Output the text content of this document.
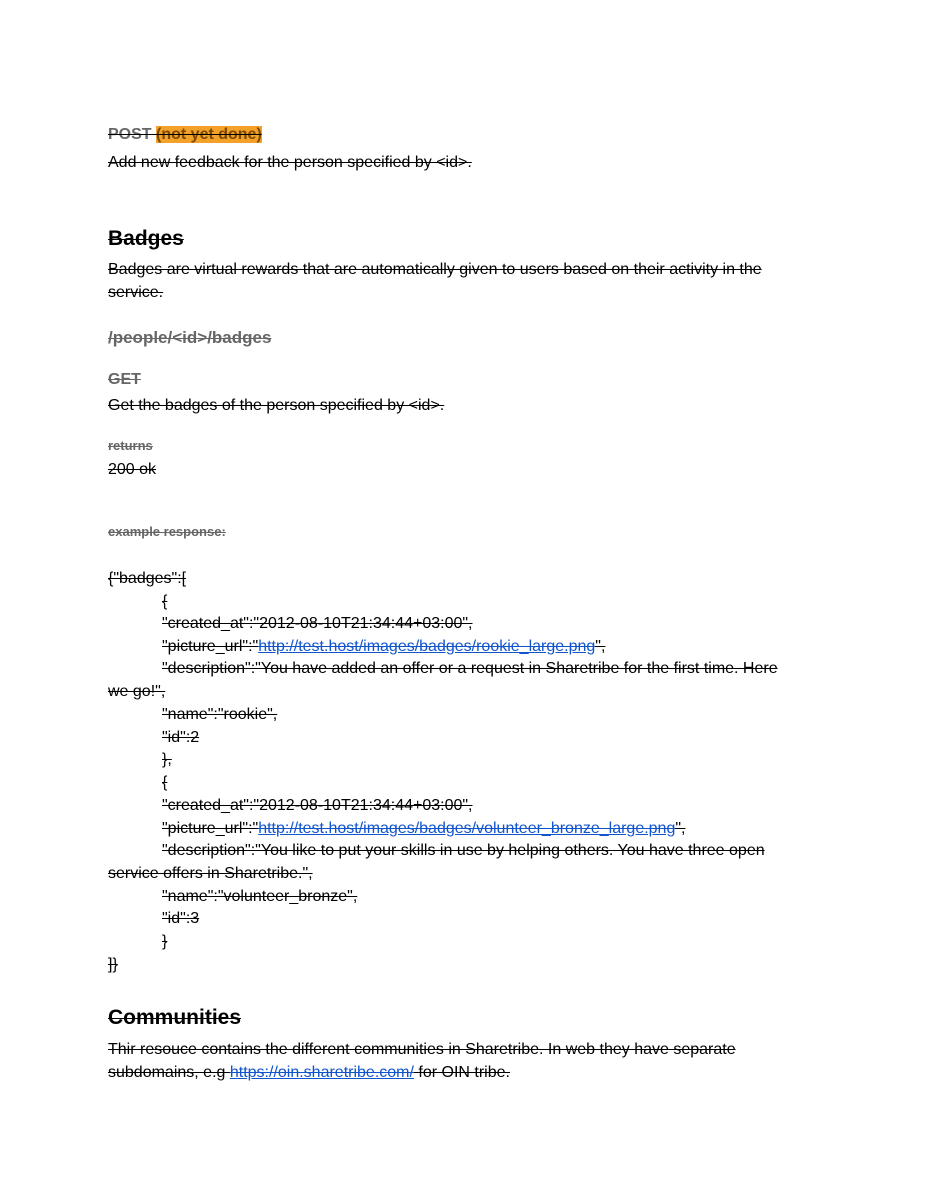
POST (not yet done)
Add new feedback for the person specified by <id>.
Badges
Badges are virtual rewards that are automatically given to users based on their activity in the
service.
/people/<id>/badges
GET
Get the badges of the person specified by <id>.
returns
200 ok
example response:
{"badges":[
{
"created_at":"2012-08-10T21:34:44+03:00",
"picture_url":"http://test.host/images/badges/rookie_large.png",
"description":"You have added an offer or a request in Sharetribe for the first time. Here
we go!",
"name":"rookie",
"id":2
},
{
"created_at":"2012-08-10T21:34:44+03:00",
"picture_url":"http://test.host/images/badges/volunteer_bronze_large.png",
"description":"You like to put your skills in use by helping others. You have three open
service offers in Sharetribe.",
"name":"volunteer_bronze",
"id":3
}
]}
Communities
Thir resouce contains the different communities in Sharetribe. In web they have separate
subdomains, e.g https://oin.sharetribe.com/ for OIN tribe.
